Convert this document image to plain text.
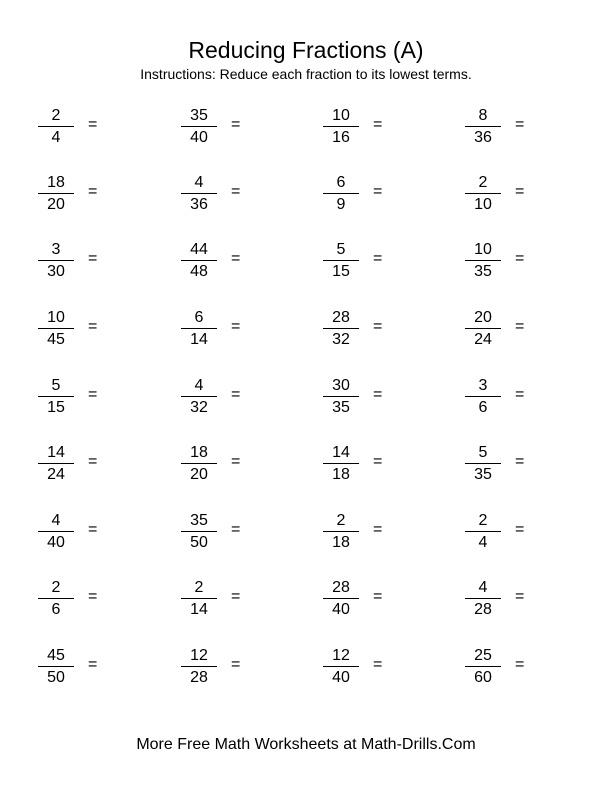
Reducing Fractions (A)
Instructions: Reduce each fraction to its lowest terms.
2
4
=
35
40
=
10
16
=
8
36
=
18
20
=
4
36
=
6
9
=
2
10
=
3
30
=
44
48
=
5
15
=
10
35
=
10
45
=
6
14
=
28
32
=
20
24
=
5
15
=
4
32
=
30
35
=
3
6
=
14
24
=
18
20
=
14
18
=
5
35
=
4
40
=
35
50
=
2
18
=
2
4
=
2
6
=
2
14
=
28
40
=
4
28
=
45
50
=
12
28
=
12
40
=
25
60
=
More Free Math Worksheets at Math-Drills.Com
